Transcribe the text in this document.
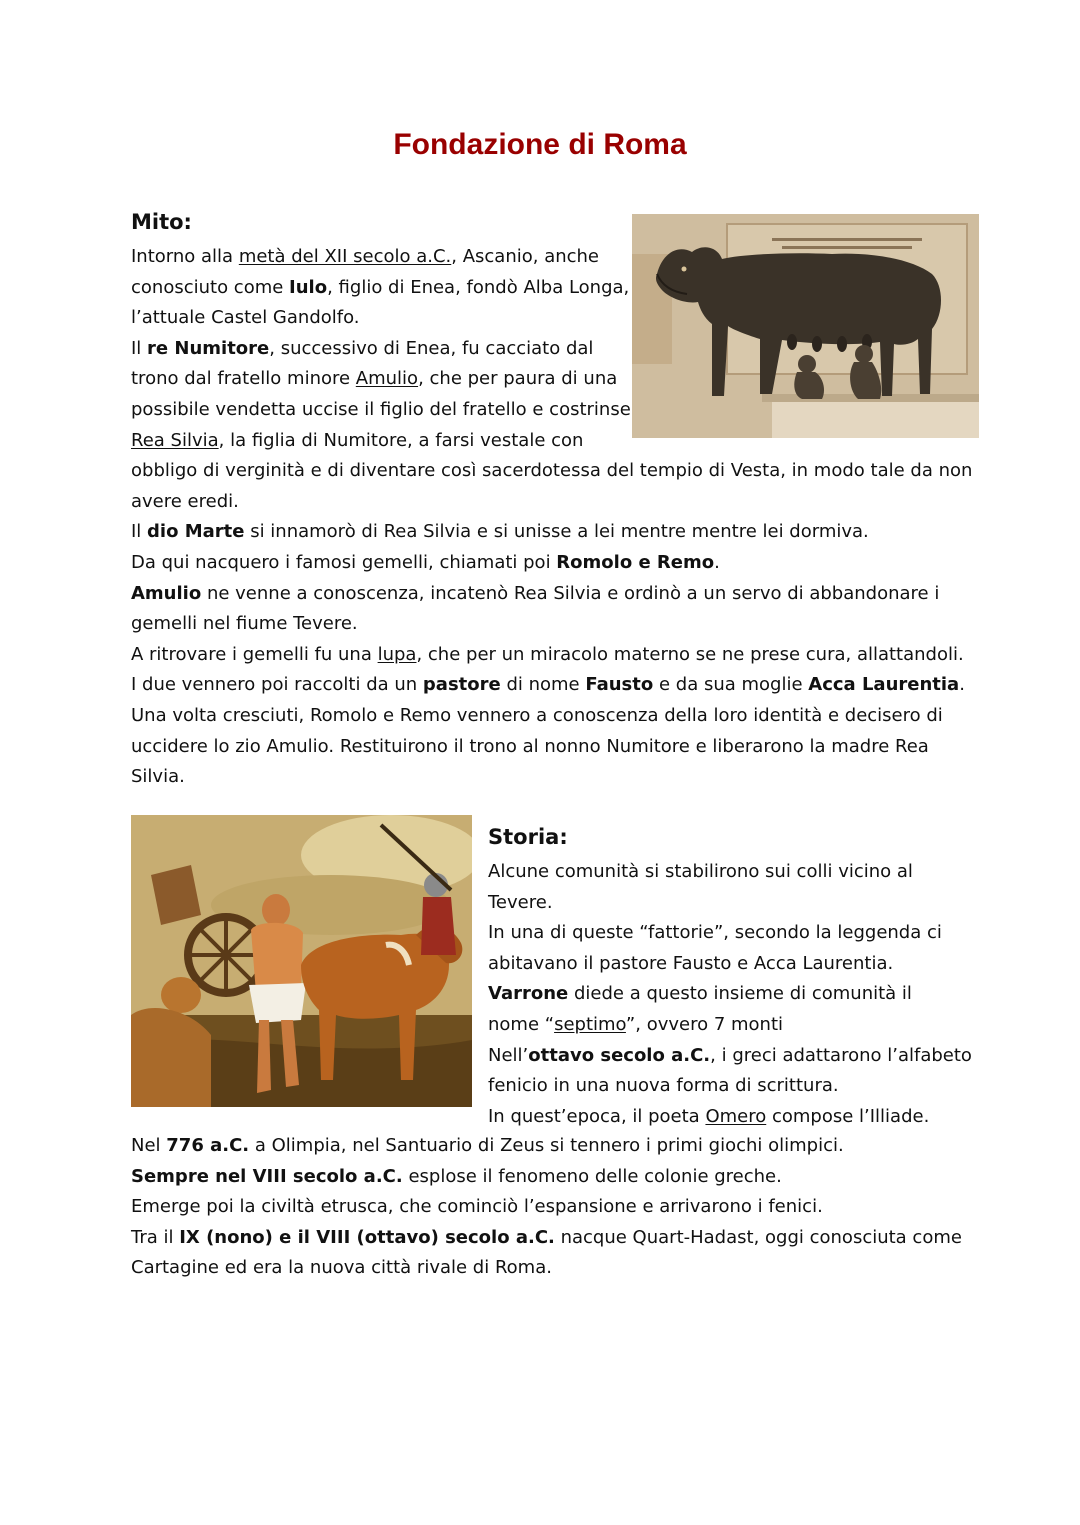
Fondazione di Roma
Mito:
Intorno alla metà del XII secolo a.C., Ascanio, anche
conosciuto come Iulo, figlio di Enea, fondò Alba Longa,
l’attuale Castel Gandolfo.
Il re Numitore, successivo di Enea, fu cacciato dal
trono dal fratello minore Amulio, che per paura di una
possibile vendetta uccise il figlio del fratello e costrinse
Rea Silvia, la figlia di Numitore, a farsi vestale con
obbligo di verginità e di diventare così sacerdotessa del tempio di Vesta, in modo tale da non
avere eredi.
Il dio Marte si innamorò di Rea Silvia e si unisse a lei mentre mentre lei dormiva.
Da qui nacquero i famosi gemelli, chiamati poi Romolo e Remo.
Amulio ne venne a conoscenza, incatenò Rea Silvia e ordinò a un servo di abbandonare i
gemelli nel fiume Tevere.
A ritrovare i gemelli fu una lupa, che per un miracolo materno se ne prese cura, allattandoli.
I due vennero poi raccolti da un pastore di nome Fausto e da sua moglie Acca Laurentia.
Una volta cresciuti, Romolo e Remo vennero a conoscenza della loro identità e decisero di
uccidere lo zio Amulio. Restituirono il trono al nonno Numitore e liberarono la madre Rea
Silvia.
Storia:
Alcune comunità si stabilirono sui colli vicino al
Tevere.
In una di queste “fattorie”, secondo la leggenda ci
abitavano il pastore Fausto e Acca Laurentia.
Varrone diede a questo insieme di comunità il
nome “septimo”, ovvero 7 monti
Nell’ottavo secolo a.C., i greci adattarono l’alfabeto
fenicio in una nuova forma di scrittura.
In quest’epoca, il poeta Omero compose l’Illiade.
Nel 776 a.C. a Olimpia, nel Santuario di Zeus si tennero i primi giochi olimpici.
Sempre nel VIII secolo a.C. esplose il fenomeno delle colonie greche.
Emerge poi la civiltà etrusca, che cominciò l’espansione e arrivarono i fenici.
Tra il IX (nono) e il VIII (ottavo) secolo a.C. nacque Quart-Hadast, oggi conosciuta come
Cartagine ed era la nuova città rivale di Roma.
